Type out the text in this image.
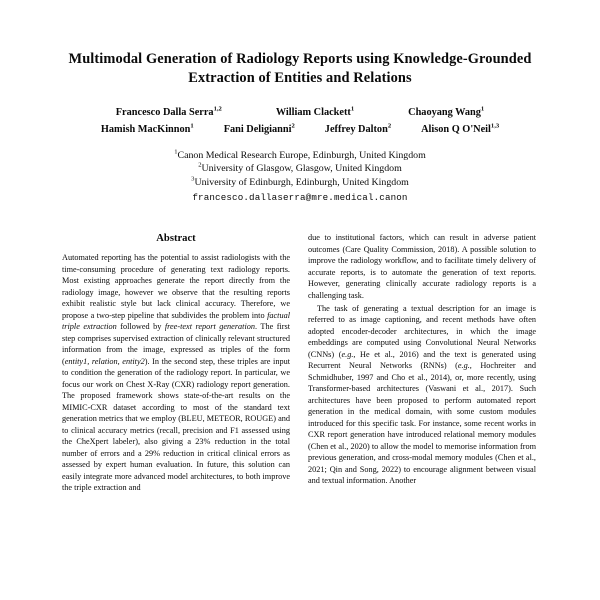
Multimodal Generation of Radiology Reports using Knowledge-Grounded Extraction of Entities and Relations
Francesco Dalla Serra$^{1,2}$	William Clackett$^1$	Chaoyang Wang$^1$
Hamish MacKinnon$^1$	Fani Deligianni$^2$	Jeffrey Dalton$^2$	Alison Q O'Neil$^{1,3}$
$^1$Canon Medical Research Europe, Edinburgh, United Kingdom
$^2$University of Glasgow, Glasgow, United Kingdom
$^3$University of Edinburgh, Edinburgh, United Kingdom
francesco.dallaserra@mre.medical.canon
Abstract

Automated reporting has the potential to assist radiologists with the time-consuming procedure of generating text radiology reports. Most existing approaches generate the report directly from the radiology image, however we observe that the resulting reports exhibit realistic style but lack clinical accuracy. Therefore, we propose a two-step pipeline that subdivides the problem into factual triple extraction followed by free-text report generation. The first step comprises supervised extraction of clinically relevant structured information from the image, expressed as triples of the form (entity1, relation, entity2). In the second step, these triples are input to condition the generation of the radiology report. In particular, we focus our work on Chest X-Ray (CXR) radiology report generation. The proposed framework shows state-of-the-art results on the MIMIC-CXR dataset according to most of the standard text generation metrics that we employ (BLEU, METEOR, ROUGE) and to clinical accuracy metrics (recall, precision and F1 assessed using the CheXpert labeler), also giving a 23% reduction in the total number of errors and a 29% reduction in critical clinical errors as assessed by expert human evaluation. In future, this solution can easily integrate more advanced model architectures, to both improve the triple extraction and

due to institutional factors, which can result in adverse patient outcomes (Care Quality Commission, 2018). A possible solution to improve the radiology workflow, and to facilitate timely delivery of accurate reports, is to automate the generation of text reports. However, generating clinically accurate radiology reports is a challenging task.

The task of generating a textual description for an image is referred to as image captioning, and recent methods have often adopted encoder-decoder architectures, in which the image embeddings are computed using Convolutional Neural Networks (CNNs) (e.g., He et al., 2016) and the text is generated using Recurrent Neural Networks (RNNs) (e.g., Hochreiter and Schmidhuber, 1997 and Cho et al., 2014), or, more recently, using Transformer-based architectures (Vaswani et al., 2017). Such architectures have been proposed to perform automated report generation in the medical domain, with some custom modules introduced for this specific task. For instance, some recent works in CXR report generation have introduced relational memory modules (Chen et al., 2020) to allow the model to memorise information from previous generation, and cross-modal memory modules (Chen et al., 2021; Qin and Song, 2022) to encourage alignment between visual and textual information. Another
